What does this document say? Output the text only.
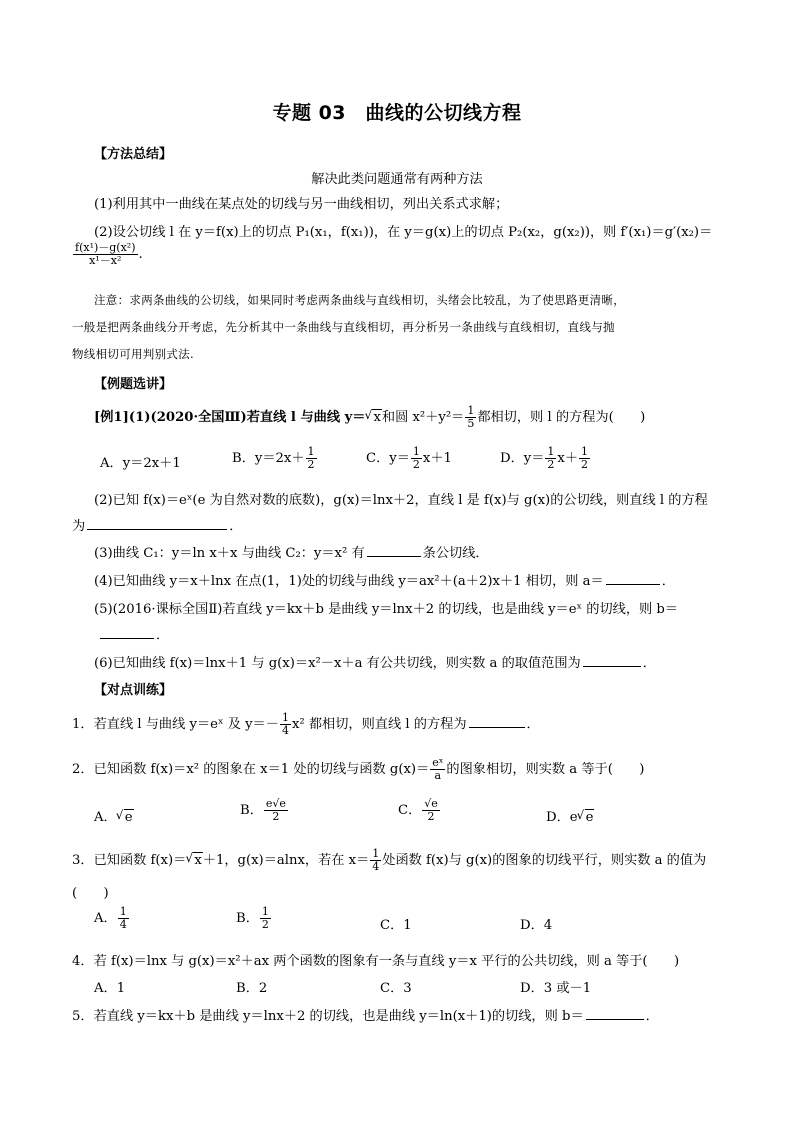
专题 03　曲线的公切线方程
【方法总结】
解决此类问题通常有两种方法
(1)利用其中一曲线在某点处的切线与另一曲线相切，列出关系式求解；
(2)设公切线 l 在 y＝f(x)上的切点 P₁(x₁，f(x₁))，在 y＝g(x)上的切点 P₂(x₂，g(x₂))，则 f′(x₁)＝g′(x₂)＝
$\frac{\text{f(x¹)－g(x²)}}{\text{x¹－x²}}$ .
注意：求两条曲线的公切线，如果同时考虑两条曲线与直线相切，头绪会比较乱，为了使思路更清晰，
一般是把两条曲线分开考虑，先分析其中一条曲线与直线相切，再分析另一条曲线与直线相切，直线与抛
物线相切可用判别式法.
【例题选讲】
[例1](1)(2020·全国Ⅲ)若直线 l 与曲线 y＝ √ x和圆 $x^2+y^2= \frac{1}{5}$ 都相切，则 l 的方程为(　　)
A．y＝2x＋1	B．$y=2x+ \frac{1}{2}$	C．$y= \frac{1}{2} x+1$	D．$y= \frac{1}{2} x+ \frac{1}{2}$
(2)已知 f(x)＝eˣ(e 为自然对数的底数)，g(x)＝lnx＋2，直线 l 是 f(x)与 g(x)的公切线，则直线 l 的方程
为	．
(3)曲线 C₁：y＝ln x＋x 与曲线 C₂：y＝x² 有	条公切线．
(4)已知曲线 y＝x＋lnx 在点(1，1)处的切线与曲线 y＝ax²＋(a＋2)x＋1 相切，则 a＝	．
(5)(2016·课标全国Ⅱ)若直线 y＝kx＋b 是曲线 y＝lnx＋2 的切线，也是曲线 y＝eˣ 的切线，则 b＝
．
(6)已知曲线 f(x)＝lnx＋1 与 g(x)＝x²－x＋a 有公共切线，则实数 a 的取值范围为	．
【对点训练】
1．若直线 l 与曲线 y＝eˣ 及 $y=- \frac{1}{4} x^2$ 都相切，则直线 l 的方程为	．
2．已知函数 f(x)＝x² 的图象在 x＝1 处的切线与函数 $g(x)= \frac{\text{eˣ}}{a}$ 的图象相切，则实数 a 等于(　　)
A． √ e	B． $\frac{e√e}{2}$	C． $\frac{√e}{2}$	D．e √ e
3．已知函数 f(x)＝ √ x＋1，g(x)＝alnx，若在 $x= \frac{1}{4}$ 处函数 f(x)与 g(x)的图象的切线平行，则实数 a 的值为
(　　)
A． $\frac{1}{4}$	B． $\frac{1}{2}$	C．1	D．4
4．若 f(x)＝lnx 与 g(x)＝x²＋ax 两个函数的图象有一条与直线 y＝x 平行的公共切线，则 a 等于(　　)
A．1	B．2	C．3	D．3 或－1
5．若直线 y＝kx＋b 是曲线 y＝lnx＋2 的切线，也是曲线 y＝ln(x＋1)的切线，则 b＝	．
